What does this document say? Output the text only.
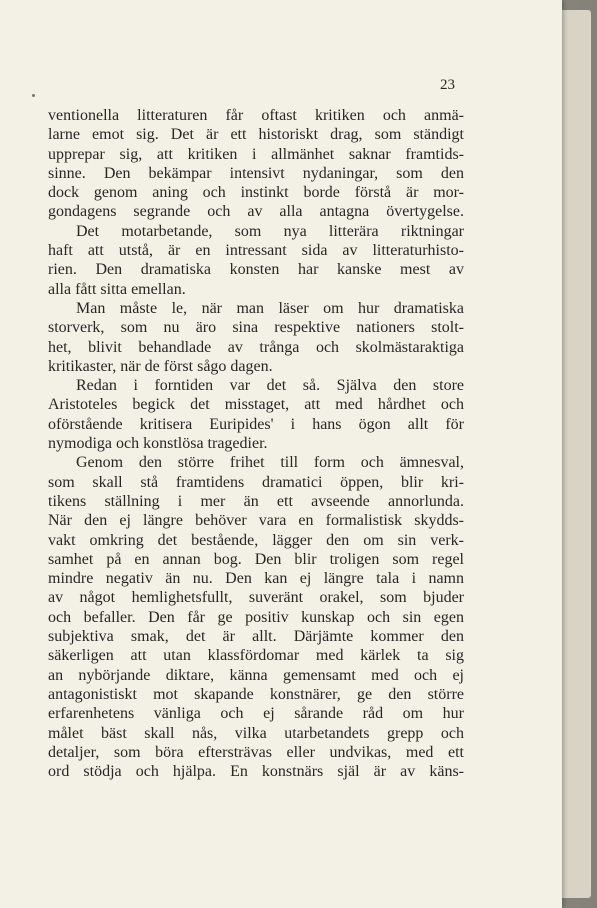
23
ventionella litteraturen får oftast kritiken och anmä-
larne emot sig. Det är ett historiskt drag, som ständigt
upprepar sig, att kritiken i allmänhet saknar framtids-
sinne. Den bekämpar intensivt nydaningar, som den
dock genom aning och instinkt borde förstå är mor-
gondagens segrande och av alla antagna övertygelse.
Det motarbetande, som nya litterära riktningar
haft att utstå, är en intressant sida av litteraturhisto-
rien. Den dramatiska konsten har kanske mest av
alla fått sitta emellan.
Man måste le, när man läser om hur dramatiska
storverk, som nu äro sina respektive nationers stolt-
het, blivit behandlade av trånga och skolmästaraktiga
kritikaster, när de först sågo dagen.
Redan i forntiden var det så. Själva den store
Aristoteles begick det misstaget, att med hårdhet och
oförstående kritisera Euripides' i hans ögon allt för
nymodiga och konstlösa tragedier.
Genom den större frihet till form och ämnesval,
som skall stå framtidens dramatici öppen, blir kri-
tikens ställning i mer än ett avseende annorlunda.
När den ej längre behöver vara en formalistisk skydds-
vakt omkring det bestående, lägger den om sin verk-
samhet på en annan bog. Den blir troligen som regel
mindre negativ än nu. Den kan ej längre tala i namn
av något hemlighetsfullt, suveränt orakel, som bjuder
och befaller. Den får ge positiv kunskap och sin egen
subjektiva smak, det är allt. Därjämte kommer den
säkerligen att utan klassfördomar med kärlek ta sig
an nybörjande diktare, känna gemensamt med och ej
antagonistiskt mot skapande konstnärer, ge den större
erfarenhetens vänliga och ej sårande råd om hur
målet bäst skall nås, vilka utarbetandets grepp och
detaljer, som böra eftersträvas eller undvikas, med ett
ord stödja och hjälpa. En konstnärs själ är av käns-
